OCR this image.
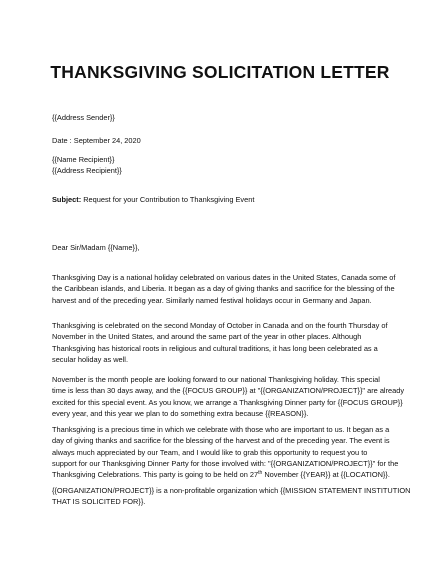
THANKSGIVING SOLICITATION LETTER

{{Address Sender}}

Date : September 24, 2020

{{Name Recipient}}

{{Address Recipient}}

Subject: Request for your Contribution to Thanksgiving Event

Dear Sir/Madam {{Name}},

Thanksgiving Day is a national holiday celebrated on various dates in the United States, Canada some of
the Caribbean islands, and Liberia. It began as a day of giving thanks and sacrifice for the blessing of the
harvest and of the preceding year. Similarly named festival holidays occur in Germany and Japan.
Thanksgiving is celebrated on the second Monday of October in Canada and on the fourth Thursday of
November in the United States, and around the same part of the year in other places. Although
Thanksgiving has historical roots in religious and cultural traditions, it has long been celebrated as a
secular holiday as well.
November is the month people are looking forward to our national Thanksgiving holiday. This special
time is less than 30 days away, and the {{FOCUS GROUP}} at "{{ORGANIZATION/PROJECT}}" are already
excited for this special event. As you know, we arrange a Thanksgiving Dinner party for {{FOCUS GROUP}}
every year, and this year we plan to do something extra because {{REASON}}.
Thanksgiving is a precious time in which we celebrate with those who are important to us. It began as a
day of giving thanks and sacrifice for the blessing of the harvest and of the preceding year. The event is
always much appreciated by our Team, and I would like to grab this opportunity to request you to
support for our Thanksgiving Dinner Party for those involved with: "{{ORGANIZATION/PROJECT}}" for the
Thanksgiving Celebrations. This party is going to be held on 27th November {{YEAR}} at {{LOCATION}}.
{{ORGANIZATION/PROJECT}} is a non-profitable organization which {{MISSION STATEMENT INSTITUTION
THAT IS SOLICITED FOR}}.
